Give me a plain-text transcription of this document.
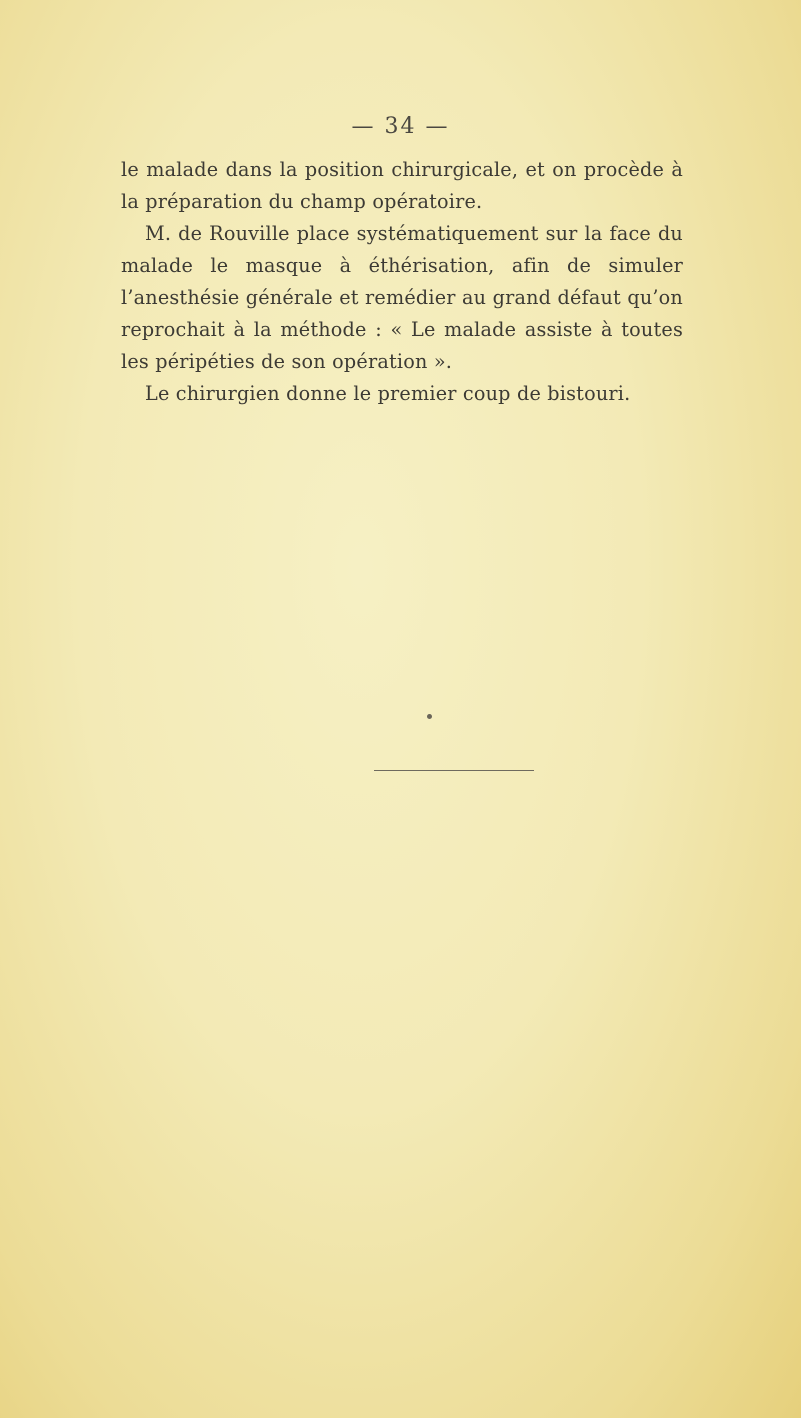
— 34 —

le malade dans la position chirurgicale, et on procède à la préparation du champ opératoire.

M. de Rouville place systématiquement sur la face du malade le masque à éthérisation, afin de simuler l’anesthésie générale et remédier au grand défaut qu’on reprochait à la méthode : « Le malade assiste à toutes les péripéties de son opération ».

Le chirurgien donne le premier coup de bistouri.
